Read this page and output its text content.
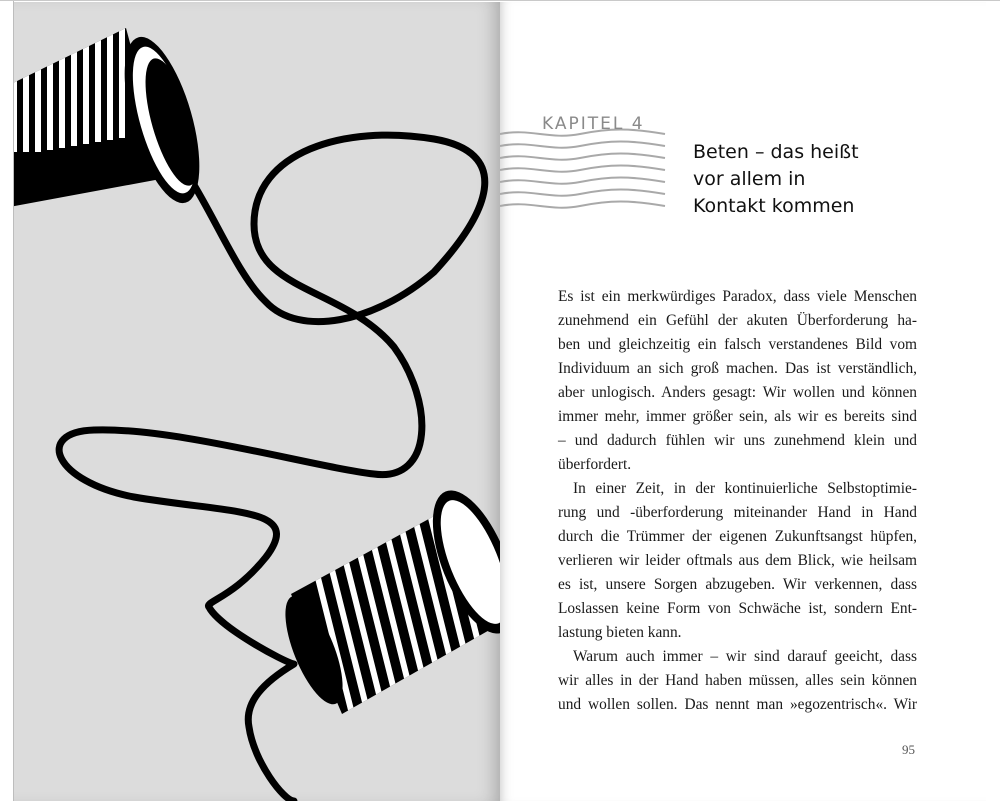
KAPITEL 4

Beten – das heißt
vor allem in
Kontakt kommen

Es ist ein merkwürdiges Paradox, dass viele Menschen
zunehmend ein Gefühl der akuten Überforderung ha-
ben und gleichzeitig ein falsch verstandenes Bild vom
Individuum an sich groß machen. Das ist verständlich,
aber unlogisch. Anders gesagt: Wir wollen und können
immer mehr, immer größer sein, als wir es bereits sind
– und dadurch fühlen wir uns zunehmend klein und
überfordert.

In einer Zeit, in der kontinuierliche Selbstoptimie-
rung und -überforderung miteinander Hand in Hand
durch die Trümmer der eigenen Zukunftsangst hüpfen,
verlieren wir leider oftmals aus dem Blick, wie heilsam
es ist, unsere Sorgen abzugeben. Wir verkennen, dass
Loslassen keine Form von Schwäche ist, sondern Ent-
lastung bieten kann.

Warum auch immer – wir sind darauf geeicht, dass
wir alles in der Hand haben müssen, alles sein können
und wollen sollen. Das nennt man »egozentrisch«. Wir

95
